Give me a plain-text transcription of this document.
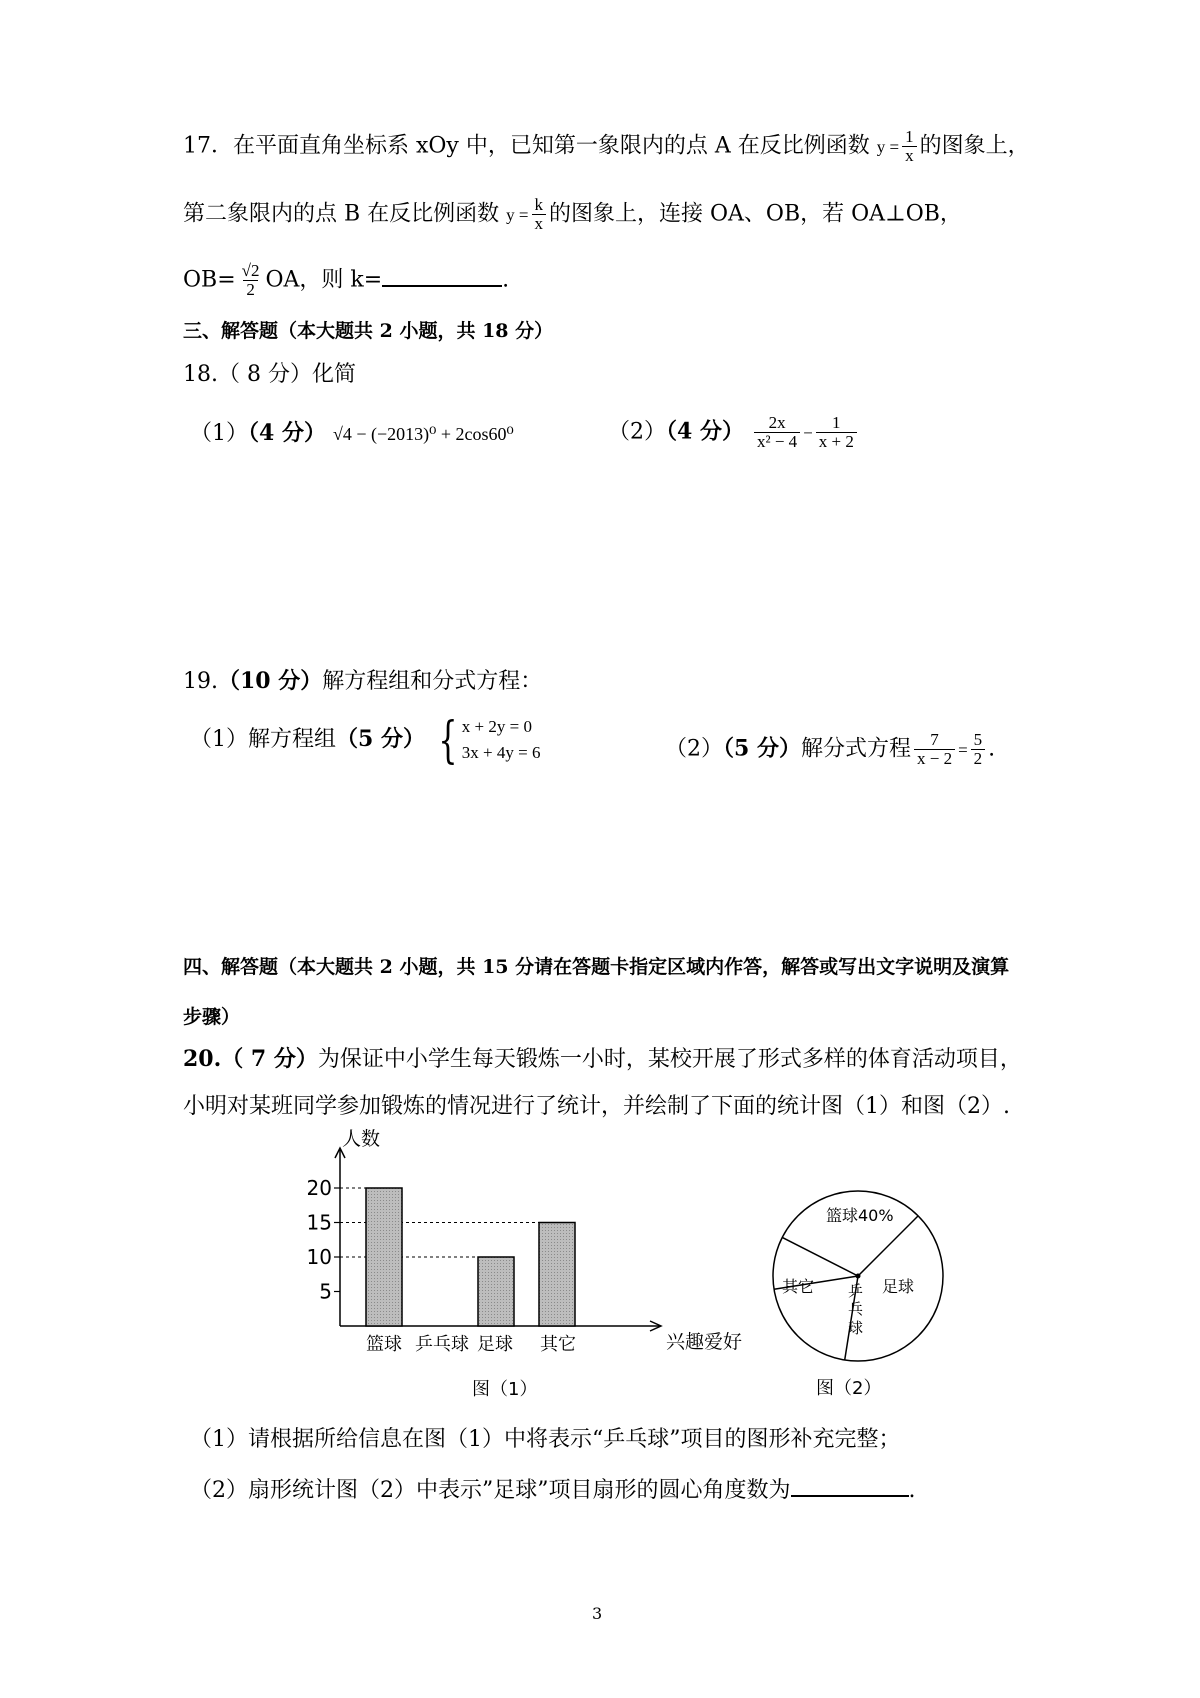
17．在平面直角坐标系 xOy 中，已知第一象限内的点 A 在反比例函数 $y = \frac{1}{x}$ 的图象上，
第二象限内的点 B 在反比例函数 $y = \frac{k}{x}$ 的图象上，连接 OA、OB，若 OA⊥OB，
$OB= \frac{√2}{2}$ OA，则 k=	.
三、解答题（本大题共 2 小题，共 18 分）
18.（ 8 分）化简
（1）（4 分） √4 − (−2013)⁰ + 2cos60⁰	（2）（4 分） $\frac{2x}{\text{x² − 4}} - \frac{1}{x + 2}$
19.（10 分）解方程组和分式方程：
（1）解方程组（5 分） { x + 2y = 0
3x + 4y = 6	（2）（5 分）解分式方程 $\frac{7}{x - 2} = \frac{5}{2}$ .
四、解答题（本大题共 2 小题，共 15 分请在答题卡指定区域内作答，解答或写出文字说明及演算
步骤）
20.（ 7 分）为保证中小学生每天锻炼一小时，某校开展了形式多样的体育活动项目，
小明对某班同学参加锻炼的情况进行了统计，并绘制了下面的统计图（1）和图（2）.
5
10
15
20
篮球 乒乓球 足球 其它
人数
兴趣爱好
图（1）
篮球40%
足球
乒
乓
球
其它
图（2）
（1）请根据所给信息在图（1）中将表示“乒乓球”项目的图形补充完整；
（2）扇形统计图（2）中表示”足球”项目扇形的圆心角度数为	.
3
